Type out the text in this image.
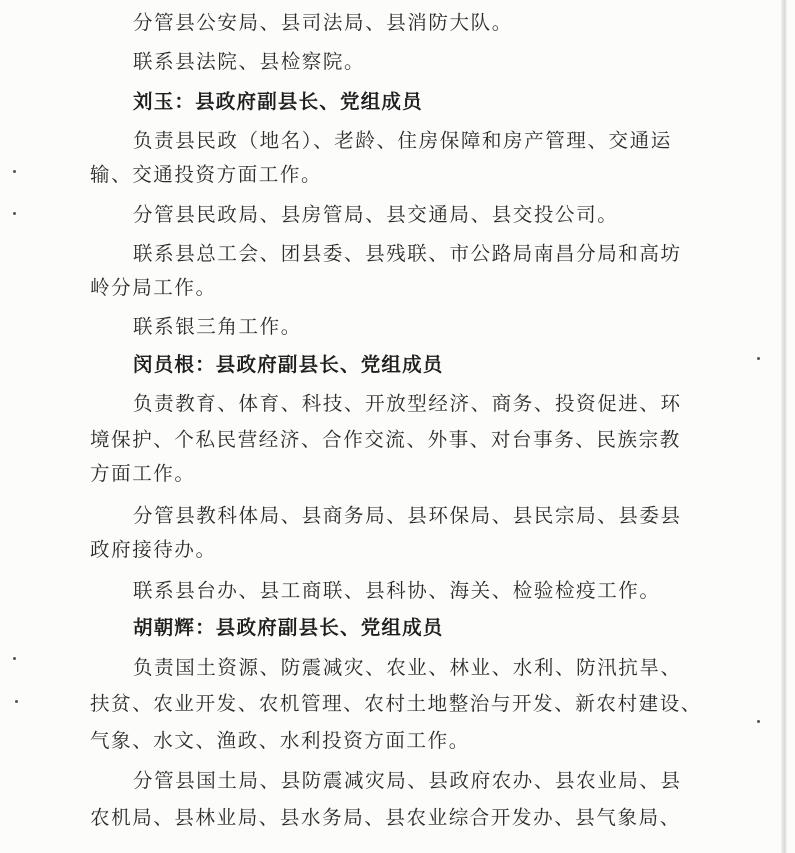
分管县公安局、县司法局、县消防大队。
联系县法院、县检察院。
刘玉：县政府副县长、党组成员
负责县民政（地名）、老龄、住房保障和房产管理、交通运
输、交通投资方面工作。
分管县民政局、县房管局、县交通局、县交投公司。
联系县总工会、团县委、县残联、市公路局南昌分局和高坊
岭分局工作。
联系银三角工作。
闵员根：县政府副县长、党组成员
负责教育、体育、科技、开放型经济、商务、投资促进、环
境保护、个私民营经济、合作交流、外事、对台事务、民族宗教
方面工作。
分管县教科体局、县商务局、县环保局、县民宗局、县委县
政府接待办。
联系县台办、县工商联、县科协、海关、检验检疫工作。
胡朝辉：县政府副县长、党组成员
负责国土资源、防震减灾、农业、林业、水利、防汛抗旱、
扶贫、农业开发、农机管理、农村土地整治与开发、新农村建设、
气象、水文、渔政、水利投资方面工作。
分管县国土局、县防震减灾局、县政府农办、县农业局、县
农机局、县林业局、县水务局、县农业综合开发办、县气象局、
